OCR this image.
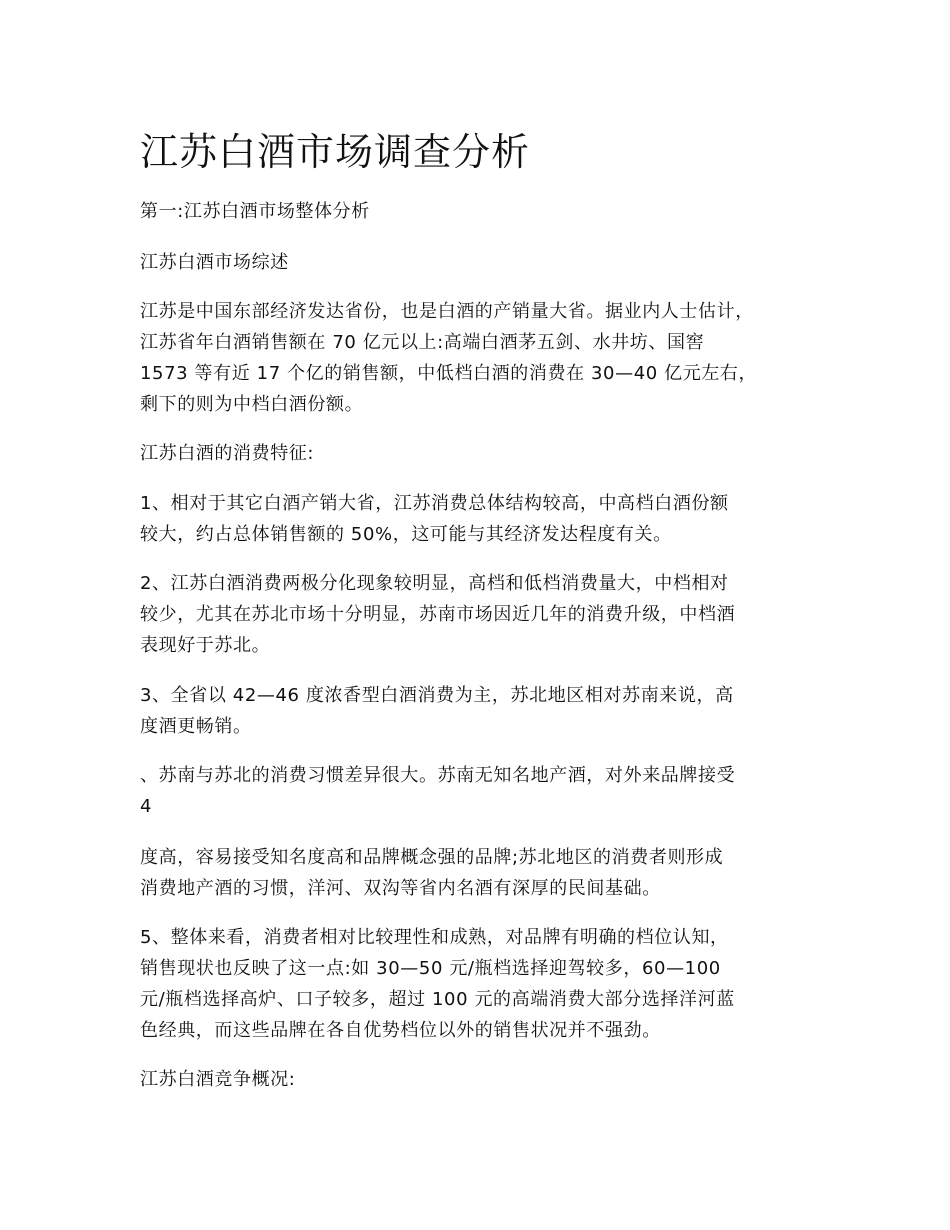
江苏白酒市场调查分析

第一:江苏白酒市场整体分析

江苏白酒市场综述

江苏是中国东部经济发达省份，也是白酒的产销量大省。据业内人士估计，
江苏省年白酒销售额在 70 亿元以上:高端白酒茅五剑、水井坊、国窖
1573 等有近 17 个亿的销售额，中低档白酒的消费在 30—40 亿元左右，
剩下的则为中档白酒份额。

江苏白酒的消费特征:

1、相对于其它白酒产销大省，江苏消费总体结构较高，中高档白酒份额
较大，约占总体销售额的 50%，这可能与其经济发达程度有关。

2、江苏白酒消费两极分化现象较明显，高档和低档消费量大，中档相对
较少，尤其在苏北市场十分明显，苏南市场因近几年的消费升级，中档酒
表现好于苏北。

3、全省以 42—46 度浓香型白酒消费为主，苏北地区相对苏南来说，高
度酒更畅销。

、苏南与苏北的消费习惯差异很大。苏南无知名地产酒，对外来品牌接受
4

度高，容易接受知名度高和品牌概念强的品牌;苏北地区的消费者则形成
消费地产酒的习惯，洋河、双沟等省内名酒有深厚的民间基础。

5、整体来看，消费者相对比较理性和成熟，对品牌有明确的档位认知，
销售现状也反映了这一点:如 30—50 元/瓶档选择迎驾较多，60—100
元/瓶档选择高炉、口子较多，超过 100 元的高端消费大部分选择洋河蓝
色经典，而这些品牌在各自优势档位以外的销售状况并不强劲。

江苏白酒竞争概况:
